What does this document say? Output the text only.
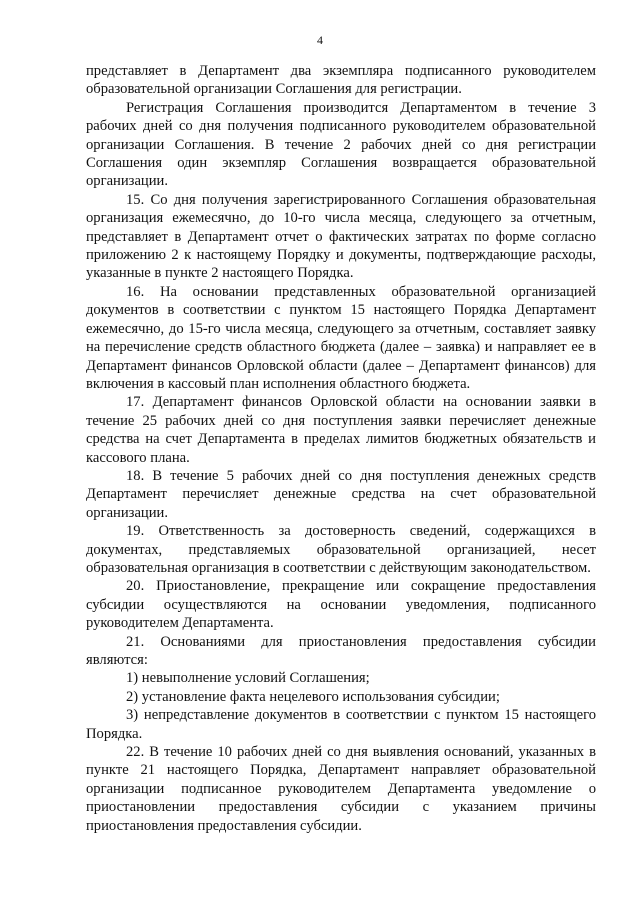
4

представляет в Департамент два экземпляра подписанного руководителем образовательной организации Соглашения для регистрации.

Регистрация Соглашения производится Департаментом в течение 3 рабочих дней со дня получения подписанного руководителем образовательной организации Соглашения. В течение 2 рабочих дней со дня регистрации Соглашения один экземпляр Соглашения возвращается образовательной организации.

15. Со дня получения зарегистрированного Соглашения образовательная организация ежемесячно, до 10-го числа месяца, следующего за отчетным, представляет в Департамент отчет о фактических затратах по форме согласно приложению 2 к настоящему Порядку и документы, подтверждающие расходы, указанные в пункте 2 настоящего Порядка.

16. На основании представленных образовательной организацией документов в соответствии с пунктом 15 настоящего Порядка Департамент ежемесячно, до 15-го числа месяца, следующего за отчетным, составляет заявку на перечисление средств областного бюджета (далее – заявка) и направляет ее в Департамент финансов Орловской области (далее – Департамент финансов) для включения в кассовый план исполнения областного бюджета.

17. Департамент финансов Орловской области на основании заявки в течение 25 рабочих дней со дня поступления заявки перечисляет денежные средства на счет Департамента в пределах лимитов бюджетных обязательств и кассового плана.

18. В течение 5 рабочих дней со дня поступления денежных средств Департамент перечисляет денежные средства на счет образовательной организации.

19. Ответственность за достоверность сведений, содержащихся в документах, представляемых образовательной организацией, несет образовательная организация в соответствии с действующим законодательством.

20. Приостановление, прекращение или сокращение предоставления субсидии осуществляются на основании уведомления, подписанного руководителем Департамента.

21. Основаниями для приостановления предоставления субсидии являются:

1) невыполнение условий Соглашения;

2) установление факта нецелевого использования субсидии;

3) непредставление документов в соответствии с пунктом 15 настоящего Порядка.

22. В течение 10 рабочих дней со дня выявления оснований, указанных в пункте 21 настоящего Порядка, Департамент направляет образовательной организации подписанное руководителем Департамента уведомление о приостановлении предоставления субсидии с указанием причины приостановления предоставления субсидии.
